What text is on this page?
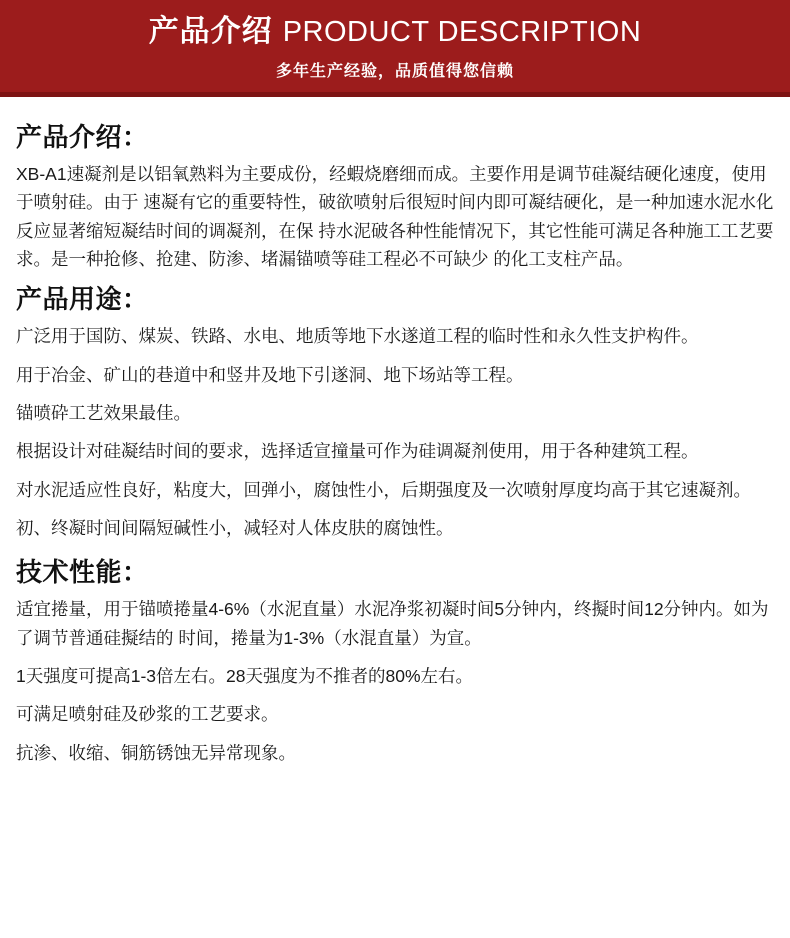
产品介绍 PRODUCT DESCRIPTION
多年生产经验，品质值得您信赖
产品介绍：

XB-A1速凝剂是以铝氧熟料为主要成份，经蝦烧磨细而成。主要作用是调节硅凝结硬化速度，使用于喷射硅。由于 速凝有它的重要特性，破欲喷射后很短时间内即可凝结硬化，是一种加速水泥水化反应显著缩短凝结时间的调凝剂，在保 持水泥破各种性能情况下，其它性能可满足各种施工工艺要求。是一种抢修、抢建、防渗、堵漏锚喷等硅工程必不可缺少 的化工支柱产品。

产品用途：

广泛用于国防、煤炭、铁路、水电、地质等地下水遂道工程的临时性和永久性支护构件。

用于冶金、矿山的巷道中和竖井及地下引遂洞、地下场站等工程。

锚喷砕工艺效果最佳。

根据设计对硅凝结时间的要求，选择适宣撞量可作为硅调凝剂使用，用于各种建筑工程。

对水泥适应性良好，粘度大，回弹小，腐蚀性小，后期强度及一次喷射厚度均高于其它速凝剂。

初、终凝时间间隔短碱性小，减轻对人体皮肤的腐蚀性。

技术性能：

适宜捲量，用于锚喷捲量4-6%（水泥直量）水泥净浆初凝时间5分钟内，终擬时间12分钟内。如为了调节普通硅擬结的 时间，捲量为1-3%（水混直量）为宣。

1天强度可提高1-3倍左右。28天强度为不推者的80%左右。

可满足喷射硅及砂浆的工艺要求。

抗渗、收缩、铜筋锈蚀无异常现象。
